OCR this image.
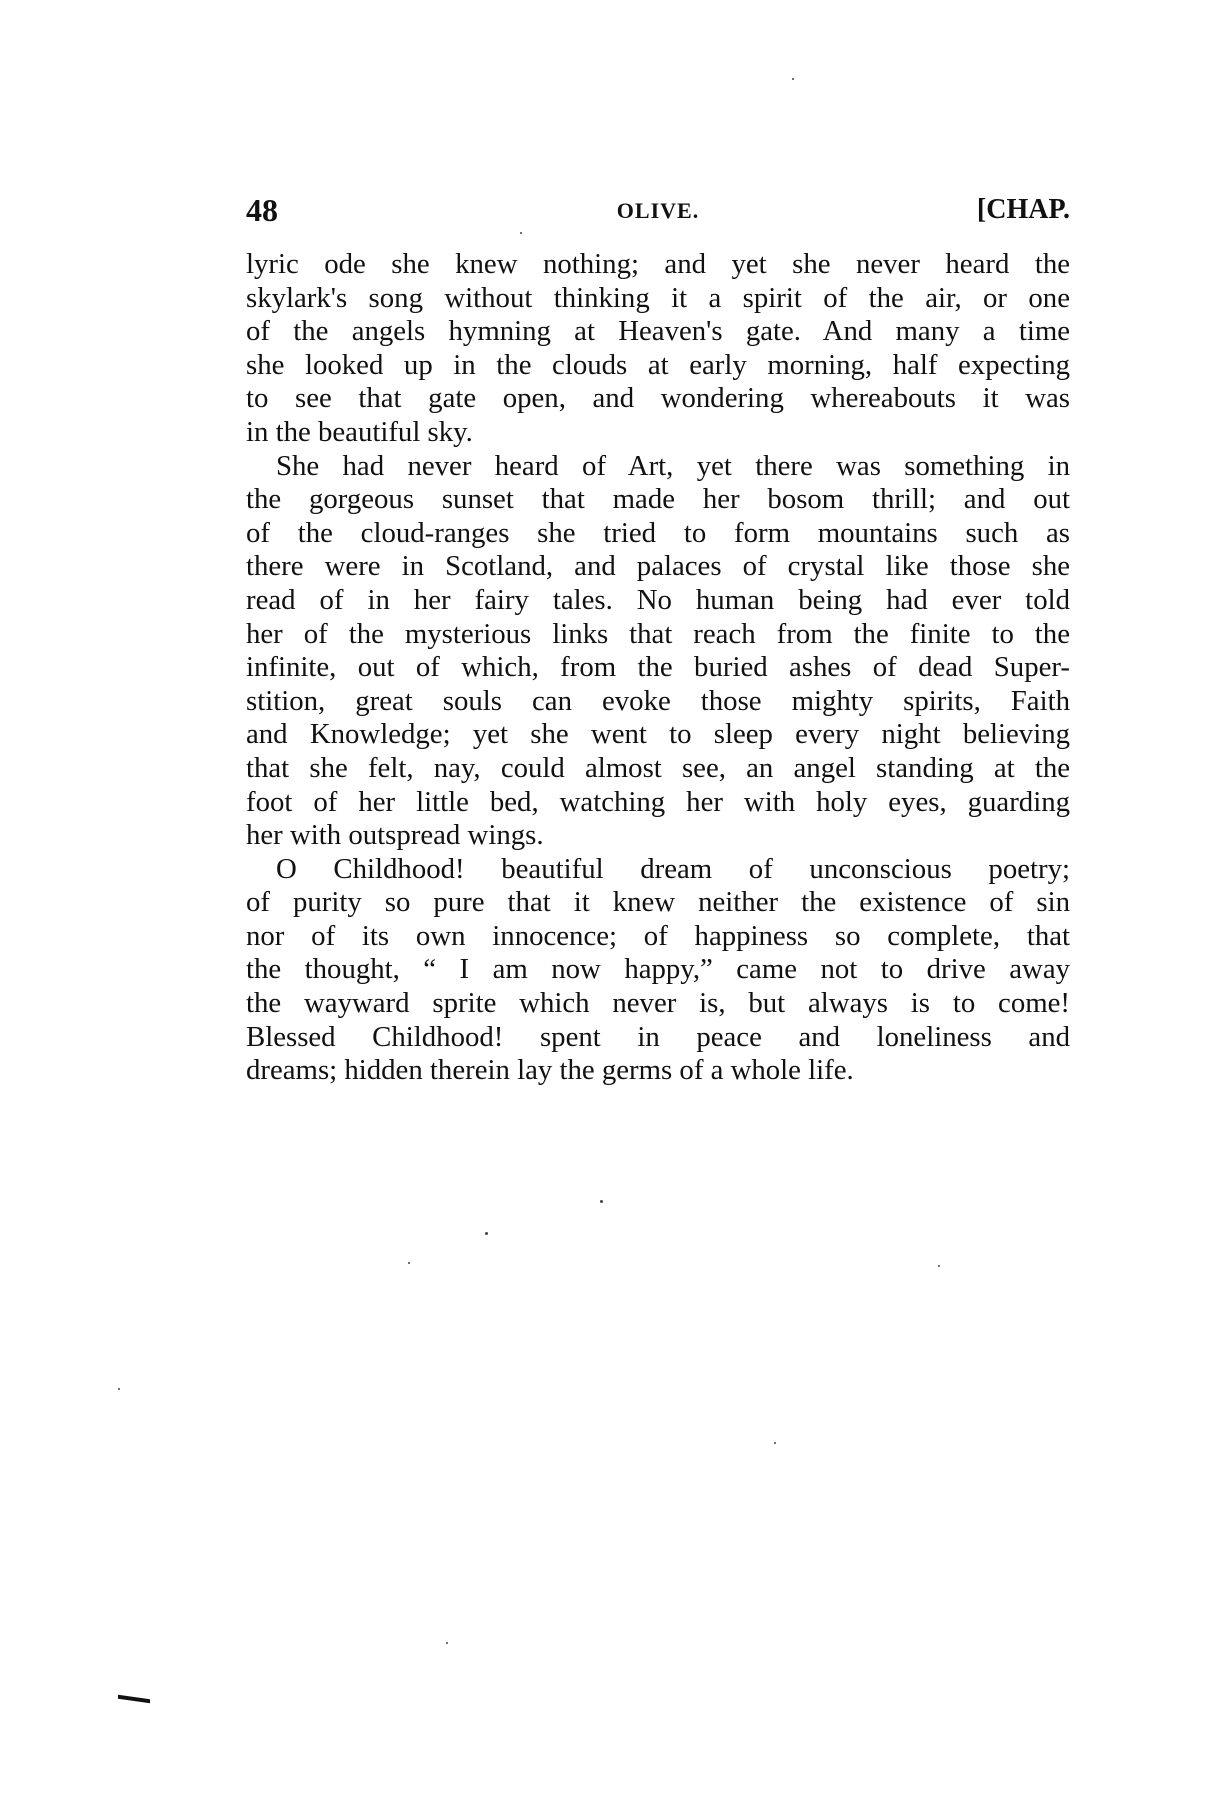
48	OLIVE.	[CHAP.
lyric ode she knew nothing; and yet she never heard the
skylark's song without thinking it a spirit of the air, or one
of the angels hymning at Heaven's gate. And many a time
she looked up in the clouds at early morning, half expecting
to see that gate open, and wondering whereabouts it was
in the beautiful sky.
She had never heard of Art, yet there was something in
the gorgeous sunset that made her bosom thrill; and out
of the cloud-ranges she tried to form mountains such as
there were in Scotland, and palaces of crystal like those she
read of in her fairy tales. No human being had ever told
her of the mysterious links that reach from the finite to the
infinite, out of which, from the buried ashes of dead Super-
stition, great souls can evoke those mighty spirits, Faith
and Knowledge; yet she went to sleep every night believing
that she felt, nay, could almost see, an angel standing at the
foot of her little bed, watching her with holy eyes, guarding
her with outspread wings.
O Childhood! beautiful dream of unconscious poetry;
of purity so pure that it knew neither the existence of sin
nor of its own innocence; of happiness so complete, that
the thought, “ I am now happy,” came not to drive away
the wayward sprite which never is, but always is to come!
Blessed Childhood! spent in peace and loneliness and
dreams; hidden therein lay the germs of a whole life.
